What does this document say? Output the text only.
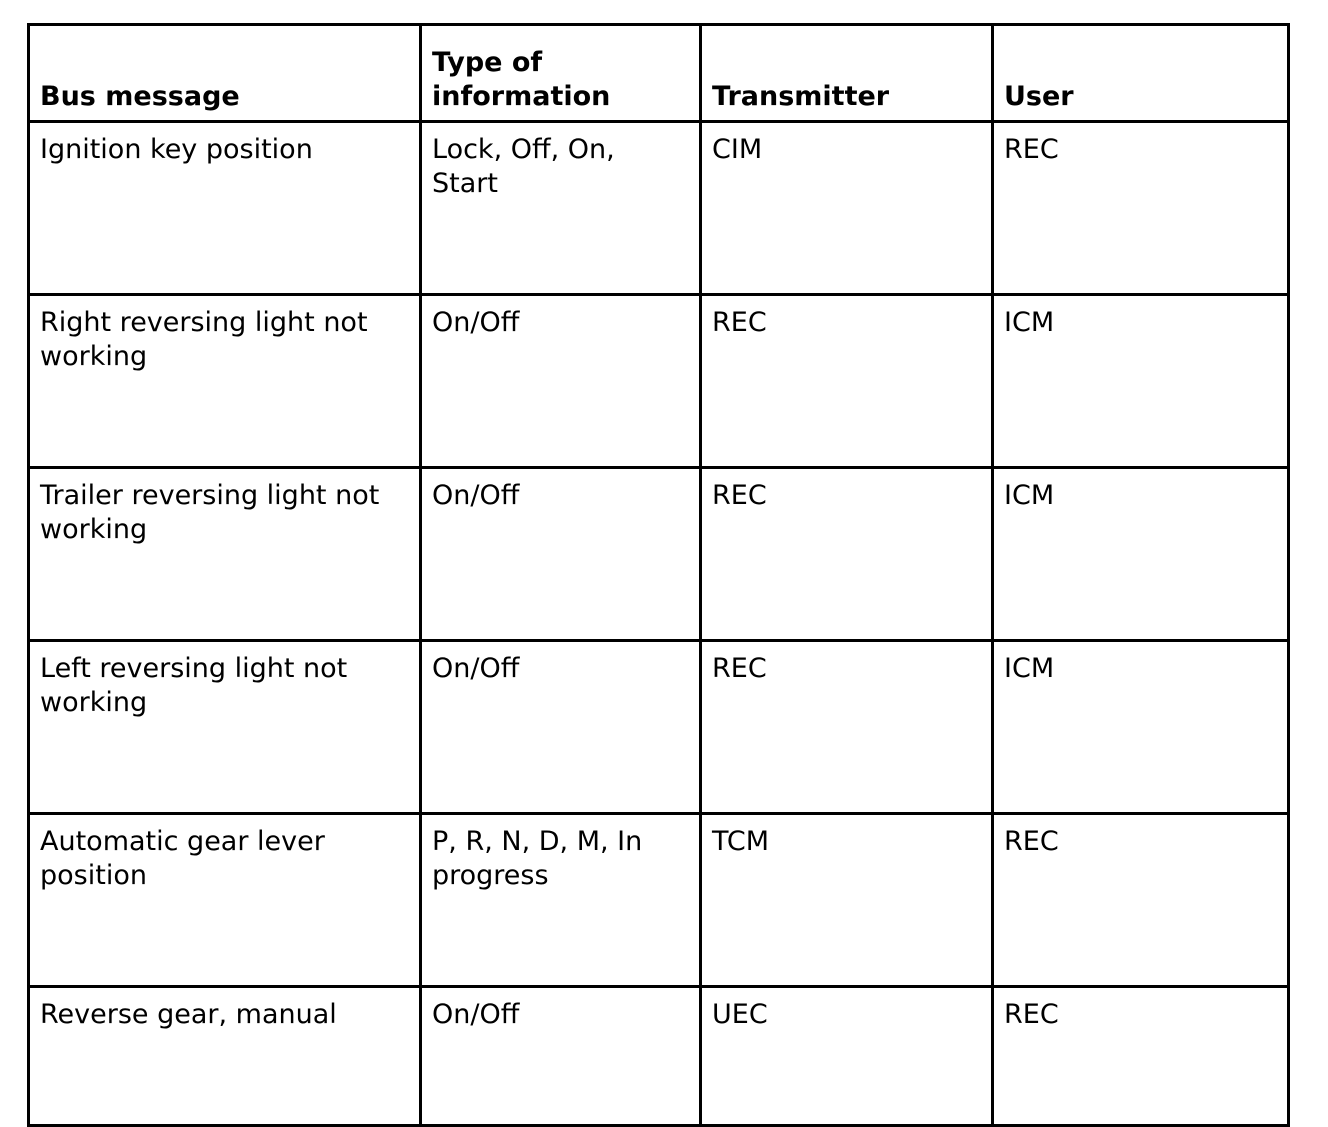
Bus message	Type of information	Transmitter	User
Ignition key position	Lock, Off, On, Start	CIM	REC
Right reversing light not working	On/Off	REC	ICM
Trailer reversing light not working	On/Off	REC	ICM
Left reversing light not working	On/Off	REC	ICM
Automatic gear lever position	P, R, N, D, M, In progress	TCM	REC
Reverse gear, manual	On/Off	UEC	REC
